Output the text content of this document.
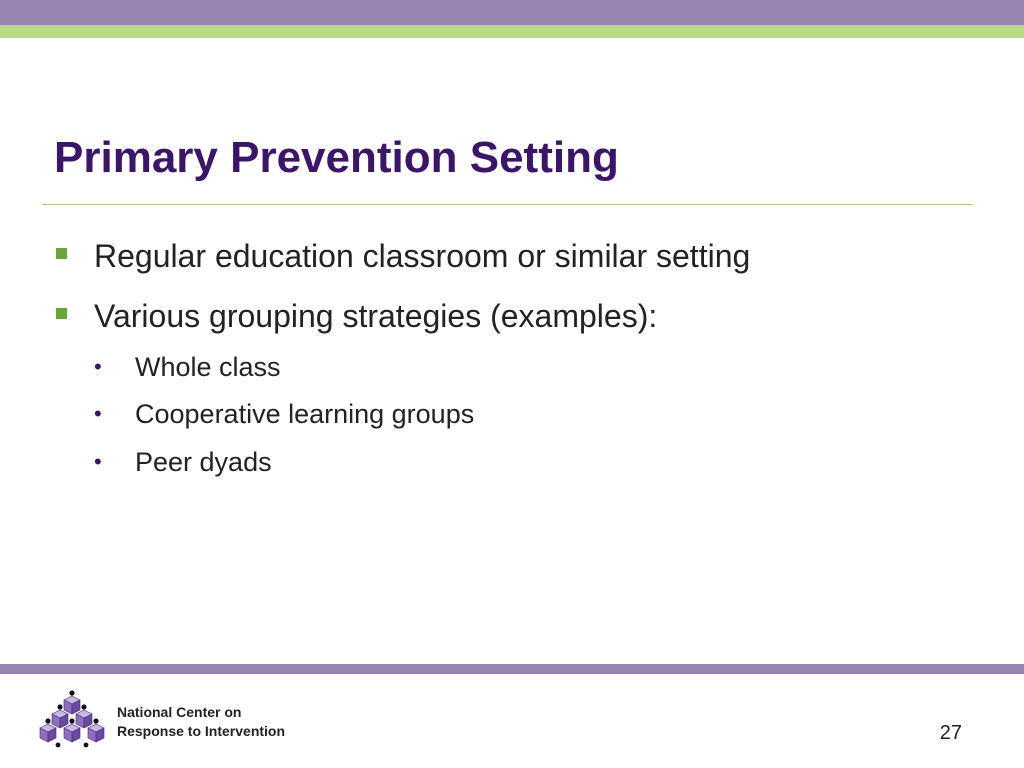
Primary Prevention Setting
Regular education classroom or similar setting
Various grouping strategies (examples):
• Whole class
• Cooperative learning groups
• Peer dyads
National Center on
Response to Intervention	27
